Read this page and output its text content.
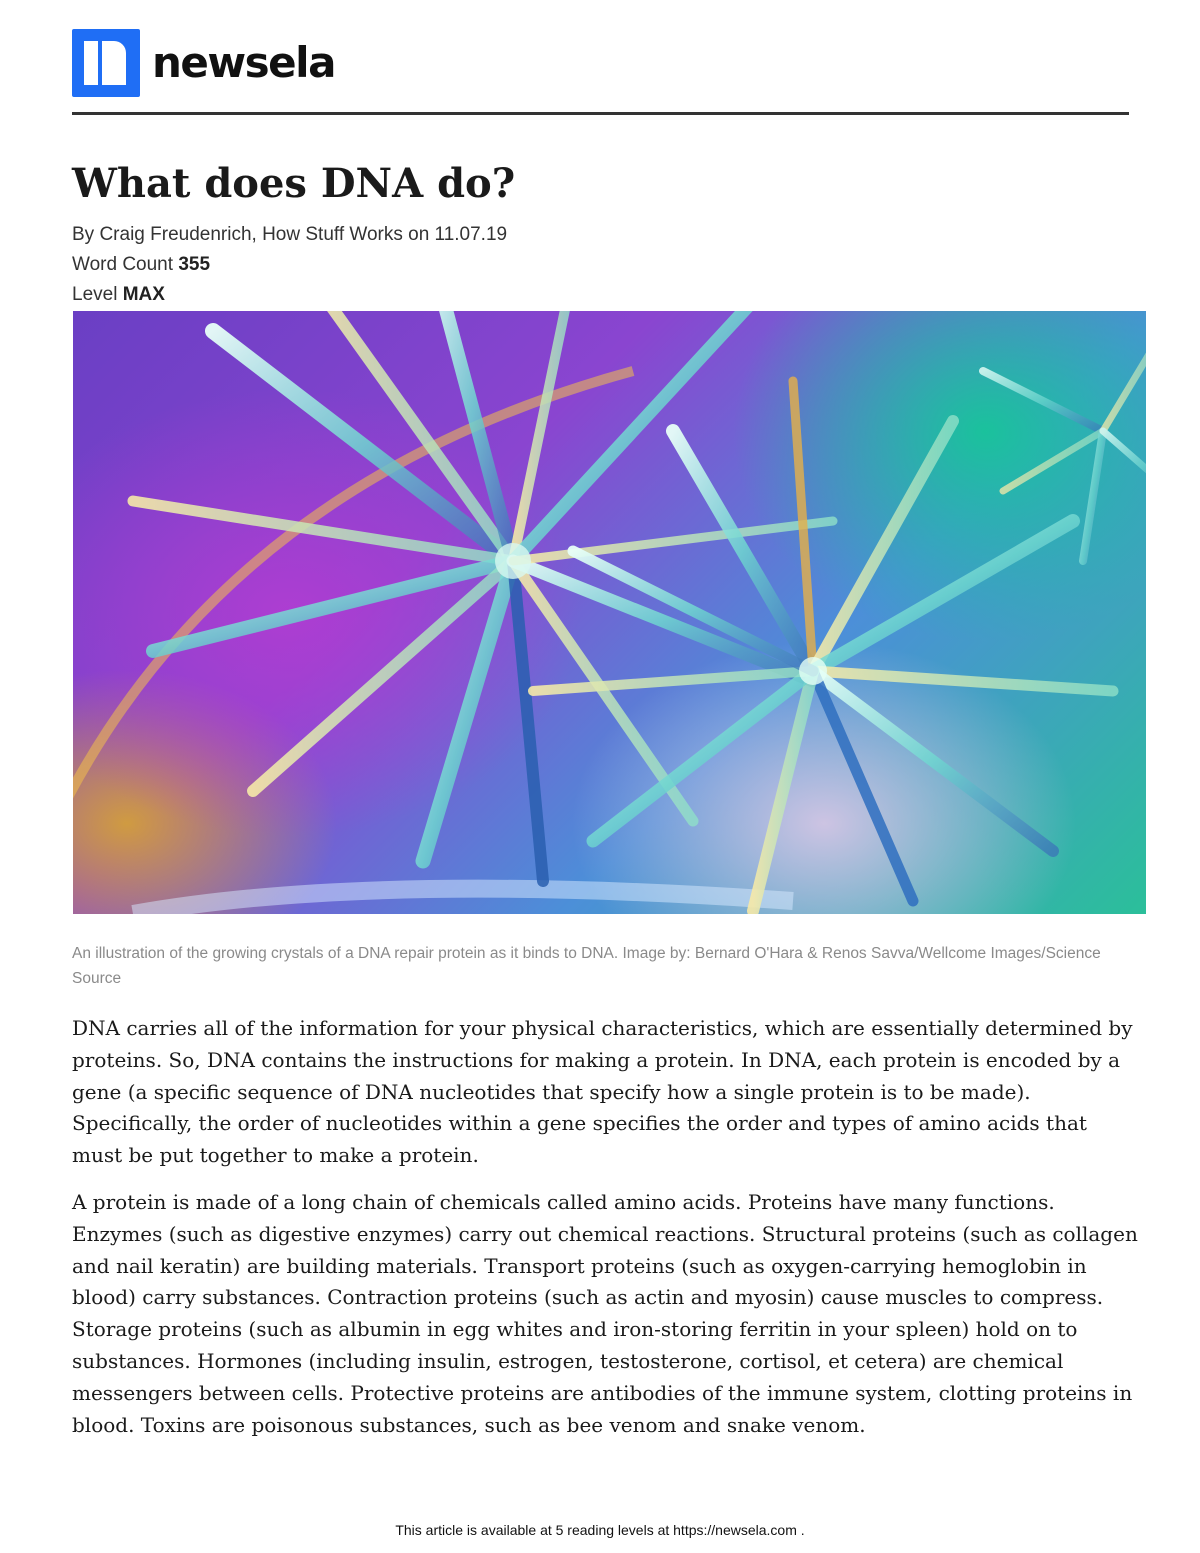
newsela
What does DNA do?
By Craig Freudenrich, How Stuff Works on 11.07.19
Word Count 355
Level MAX
An illustration of the growing crystals of a DNA repair protein as it binds to DNA. Image by: Bernard O'Hara & Renos Savva/Wellcome Images/Science Source

DNA carries all of the information for your physical characteristics, which are essentially determined by proteins. So, DNA contains the instructions for making a protein. In DNA, each protein is encoded by a gene (a specific sequence of DNA nucleotides that specify how a single protein is to be made). Specifically, the order of nucleotides within a gene specifies the order and types of amino acids that must be put together to make a protein.

A protein is made of a long chain of chemicals called amino acids. Proteins have many functions. Enzymes (such as digestive enzymes) carry out chemical reactions. Structural proteins (such as collagen and nail keratin) are building materials. Transport proteins (such as oxygen-carrying hemoglobin in blood) carry substances. Contraction proteins (such as actin and myosin) cause muscles to compress. Storage proteins (such as albumin in egg whites and iron-storing ferritin in your spleen) hold on to substances. Hormones (including insulin, estrogen, testosterone, cortisol, et cetera) are chemical messengers between cells. Protective proteins are antibodies of the immune system, clotting proteins in blood. Toxins are poisonous substances, such as bee venom and snake venom.

This article is available at 5 reading levels at https://newsela.com .
